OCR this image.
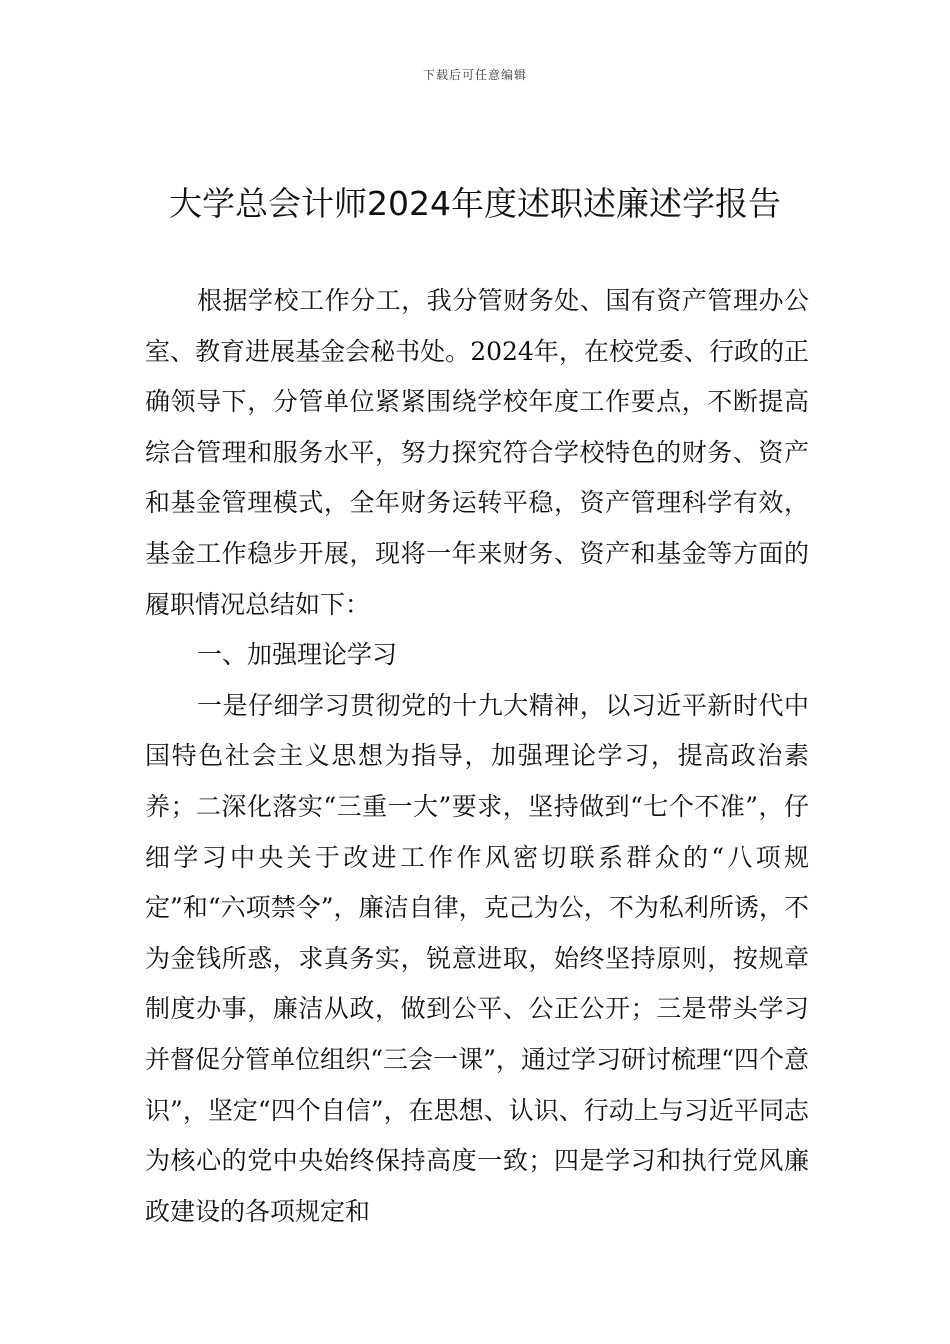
下载后可任意编辑
大学总会计师2024年度述职述廉述学报告

根据学校工作分工，我分管财务处、国有资产管理办公室、教育进展基金会秘书处。2024年，在校党委、行政的正确领导下，分管单位紧紧围绕学校年度工作要点，不断提高综合管理和服务水平，努力探究符合学校特色的财务、资产和基金管理模式，全年财务运转平稳，资产管理科学有效，基金工作稳步开展，现将一年来财务、资产和基金等方面的履职情况总结如下：

一、加强理论学习

一是仔细学习贯彻党的十九大精神，以习近平新时代中国特色社会主义思想为指导，加强理论学习，提高政治素养；二深化落实“三重一大”要求，坚持做到“七个不准”，仔细学习中央关于改进工作作风密切联系群众的“八项规定”和“六项禁令”，廉洁自律，克己为公，不为私利所诱，不为金钱所惑，求真务实，锐意进取，始终坚持原则，按规章制度办事，廉洁从政，做到公平、公正公开；三是带头学习并督促分管单位组织“三会一课”，通过学习研讨梳理“四个意识”，坚定“四个自信”，在思想、认识、行动上与习近平同志为核心的党中央始终保持高度一致；四是学习和执行党风廉政建设的各项规定和
